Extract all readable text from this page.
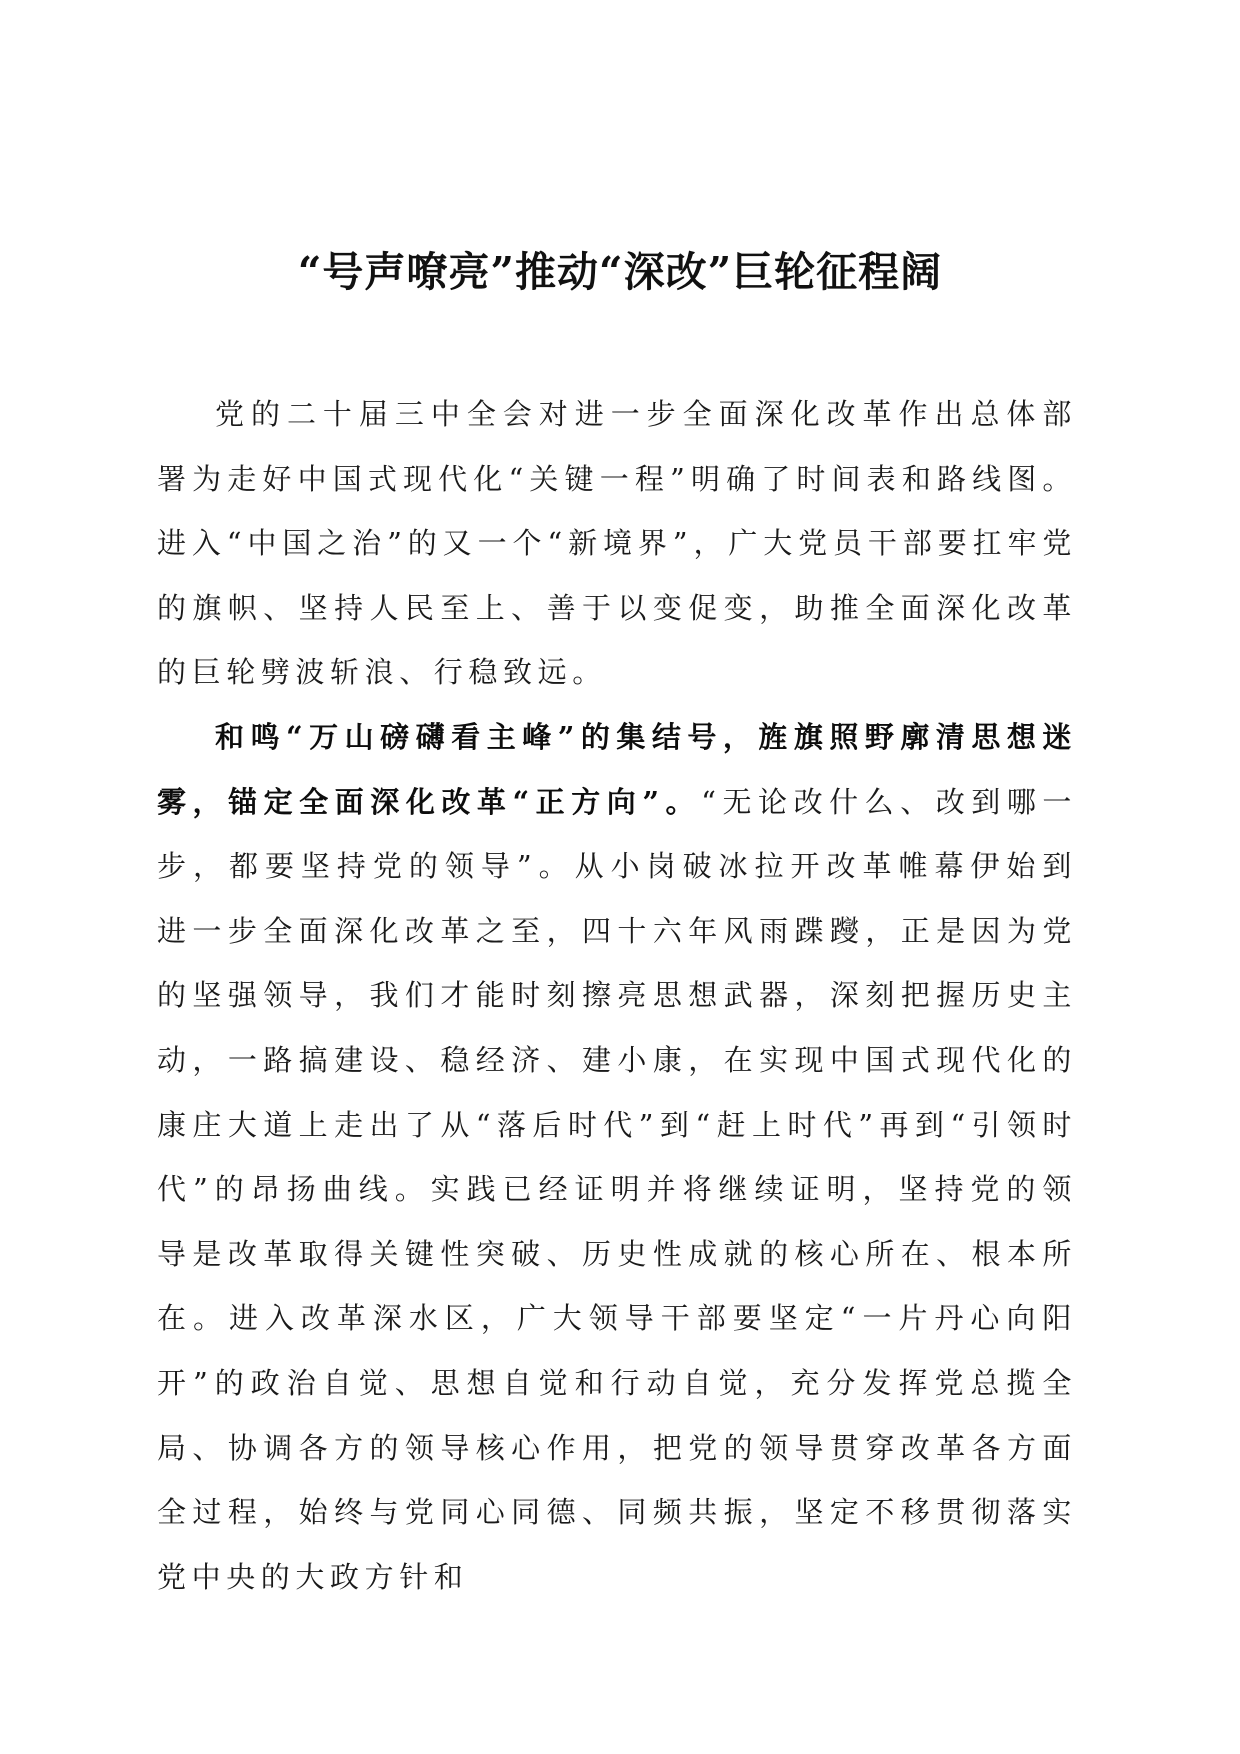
“号声嘹亮”推动“深改”巨轮征程阔

党的二十届三中全会对进一步全面深化改革作出总体部署为走好中国式现代化“关键一程”明确了时间表和路线图。进入“中国之治”的又一个“新境界”，广大党员干部要扛牢党的旗帜、坚持人民至上、善于以变促变，助推全面深化改革的巨轮劈波斩浪、行稳致远。

和鸣“万山磅礴看主峰”的集结号，旌旗照野廓清思想迷雾，锚定全面深化改革“正方向”。“无论改什么、改到哪一步，都要坚持党的领导”。从小岗破冰拉开改革帷幕伊始到进一步全面深化改革之至，四十六年风雨蹀躞，正是因为党的坚强领导，我们才能时刻擦亮思想武器，深刻把握历史主动，一路搞建设、稳经济、建小康，在实现中国式现代化的康庄大道上走出了从“落后时代”到“赶上时代”再到“引领时代”的昂扬曲线。实践已经证明并将继续证明，坚持党的领导是改革取得关键性突破、历史性成就的核心所在、根本所在。进入改革深水区，广大领导干部要坚定“一片丹心向阳开”的政治自觉、思想自觉和行动自觉，充分发挥党总揽全局、协调各方的领导核心作用，把党的领导贯穿改革各方面全过程，始终与党同心同德、同频共振，坚定不移贯彻落实党中央的大政方针和
